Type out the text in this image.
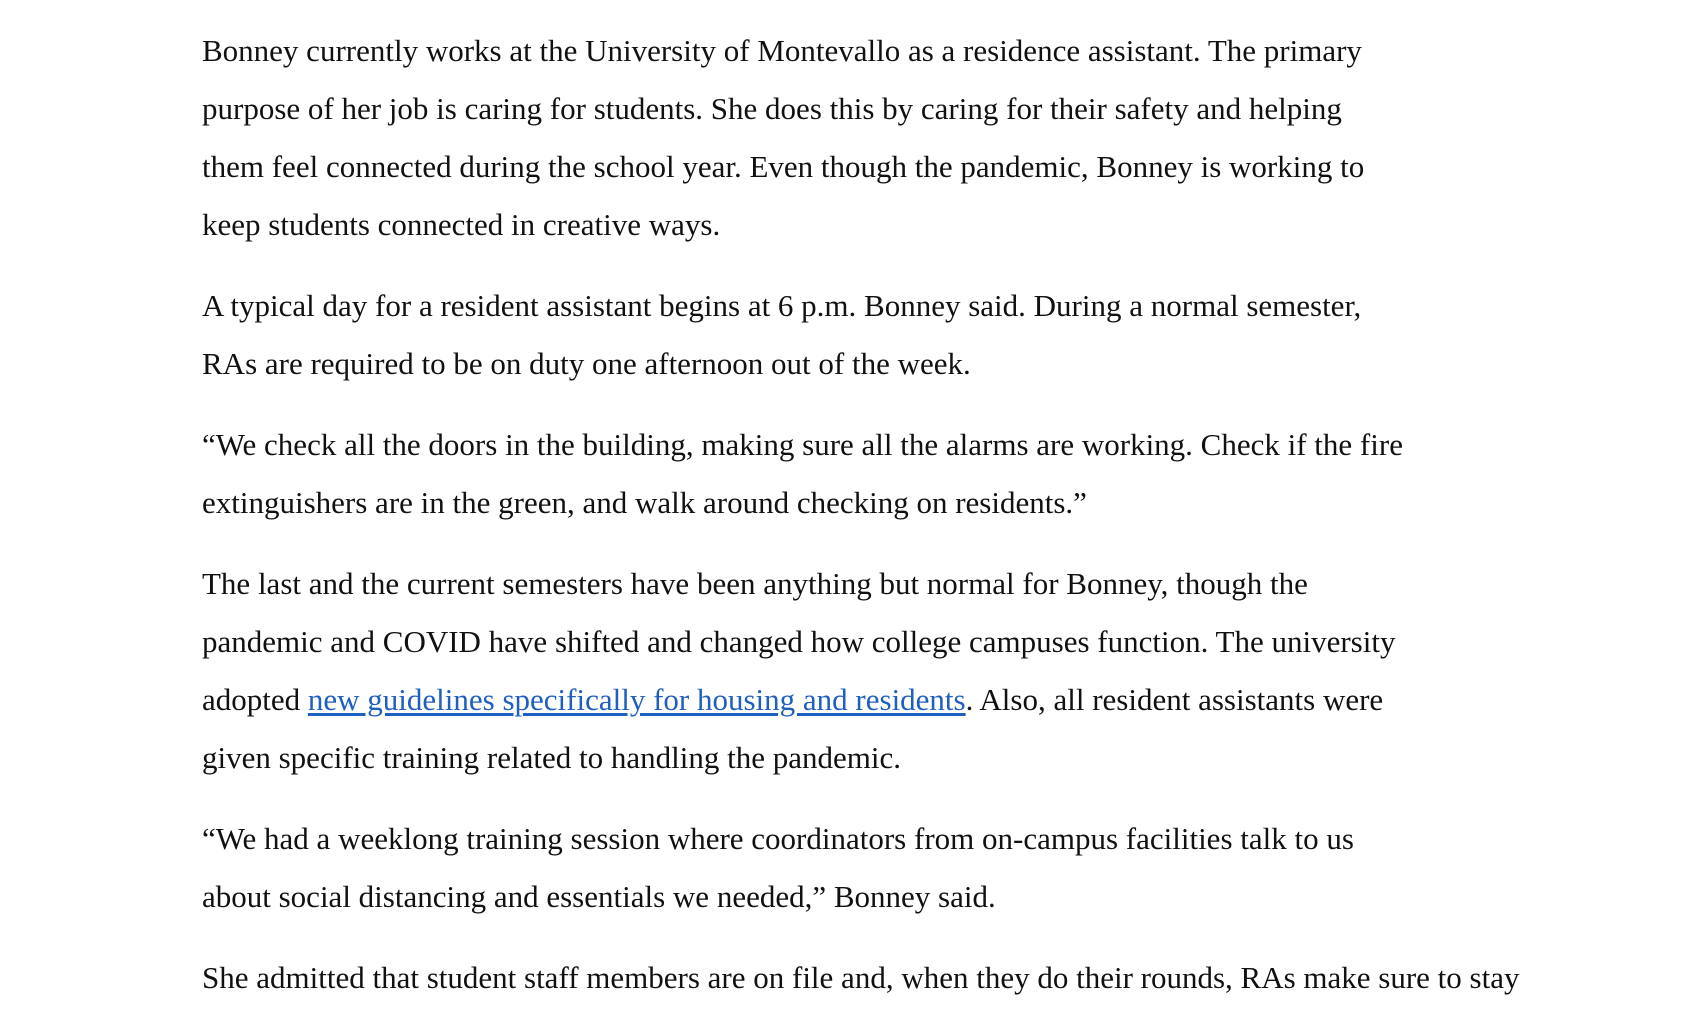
Bonney currently works at the University of Montevallo as a residence assistant. The primary
purpose of her job is caring for students. She does this by caring for their safety and helping
them feel connected during the school year. Even though the pandemic, Bonney is working to
keep students connected in creative ways.

A typical day for a resident assistant begins at 6 p.m. Bonney said. During a normal semester,
RAs are required to be on duty one afternoon out of the week.

“We check all the doors in the building, making sure all the alarms are working. Check if the fire
extinguishers are in the green, and walk around checking on residents.”

The last and the current semesters have been anything but normal for Bonney, though the
pandemic and COVID have shifted and changed how college campuses function. The university
adopted new guidelines specifically for housing and residents. Also, all resident assistants were
given specific training related to handling the pandemic.

“We had a weeklong training session where coordinators from on-campus facilities talk to us
about social distancing and essentials we needed,” Bonney said.

She admitted that student staff members are on file and, when they do their rounds, RAs make sure to stay
